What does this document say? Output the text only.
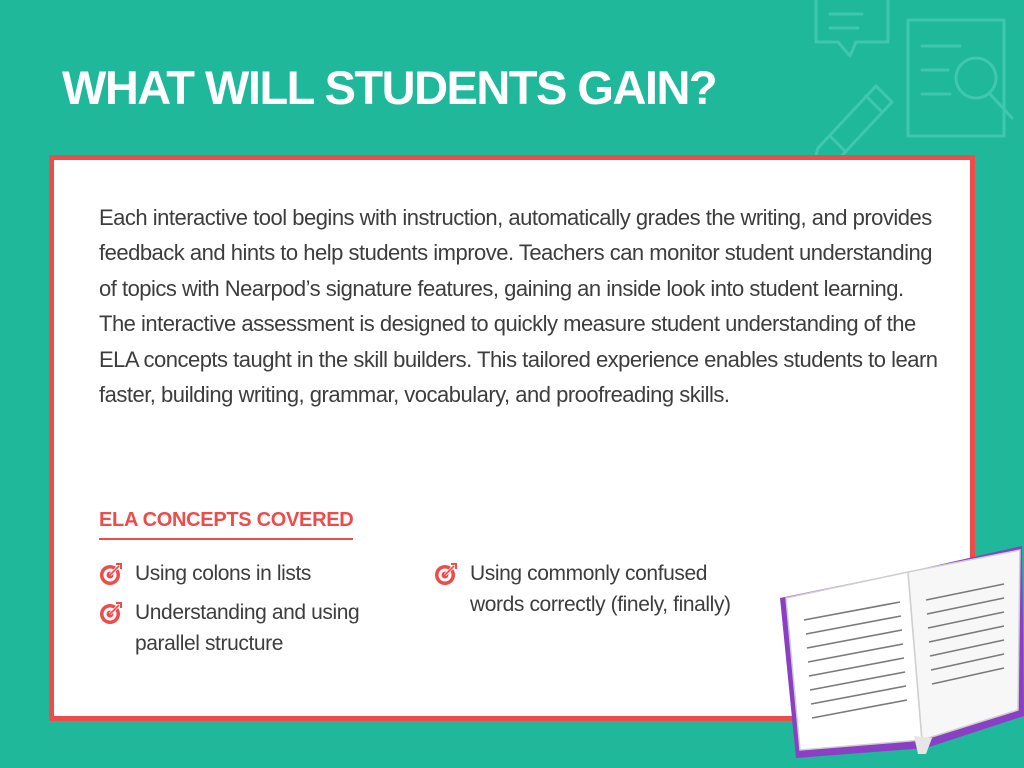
WHAT WILL STUDENTS GAIN?

Each interactive tool begins with instruction, automatically grades the writing, and provides feedback and hints to help students improve. Teachers can monitor student understanding of topics with Nearpod’s signature features, gaining an inside look into student learning. The interactive assessment is designed to quickly measure student understanding of the ELA concepts taught in the skill builders. This tailored experience enables students to learn faster, building writing, grammar, vocabulary, and proofreading skills.

ELA CONCEPTS COVERED
Using colons in lists
Understanding and using parallel structure
Using commonly confused words correctly (finely, finally)
